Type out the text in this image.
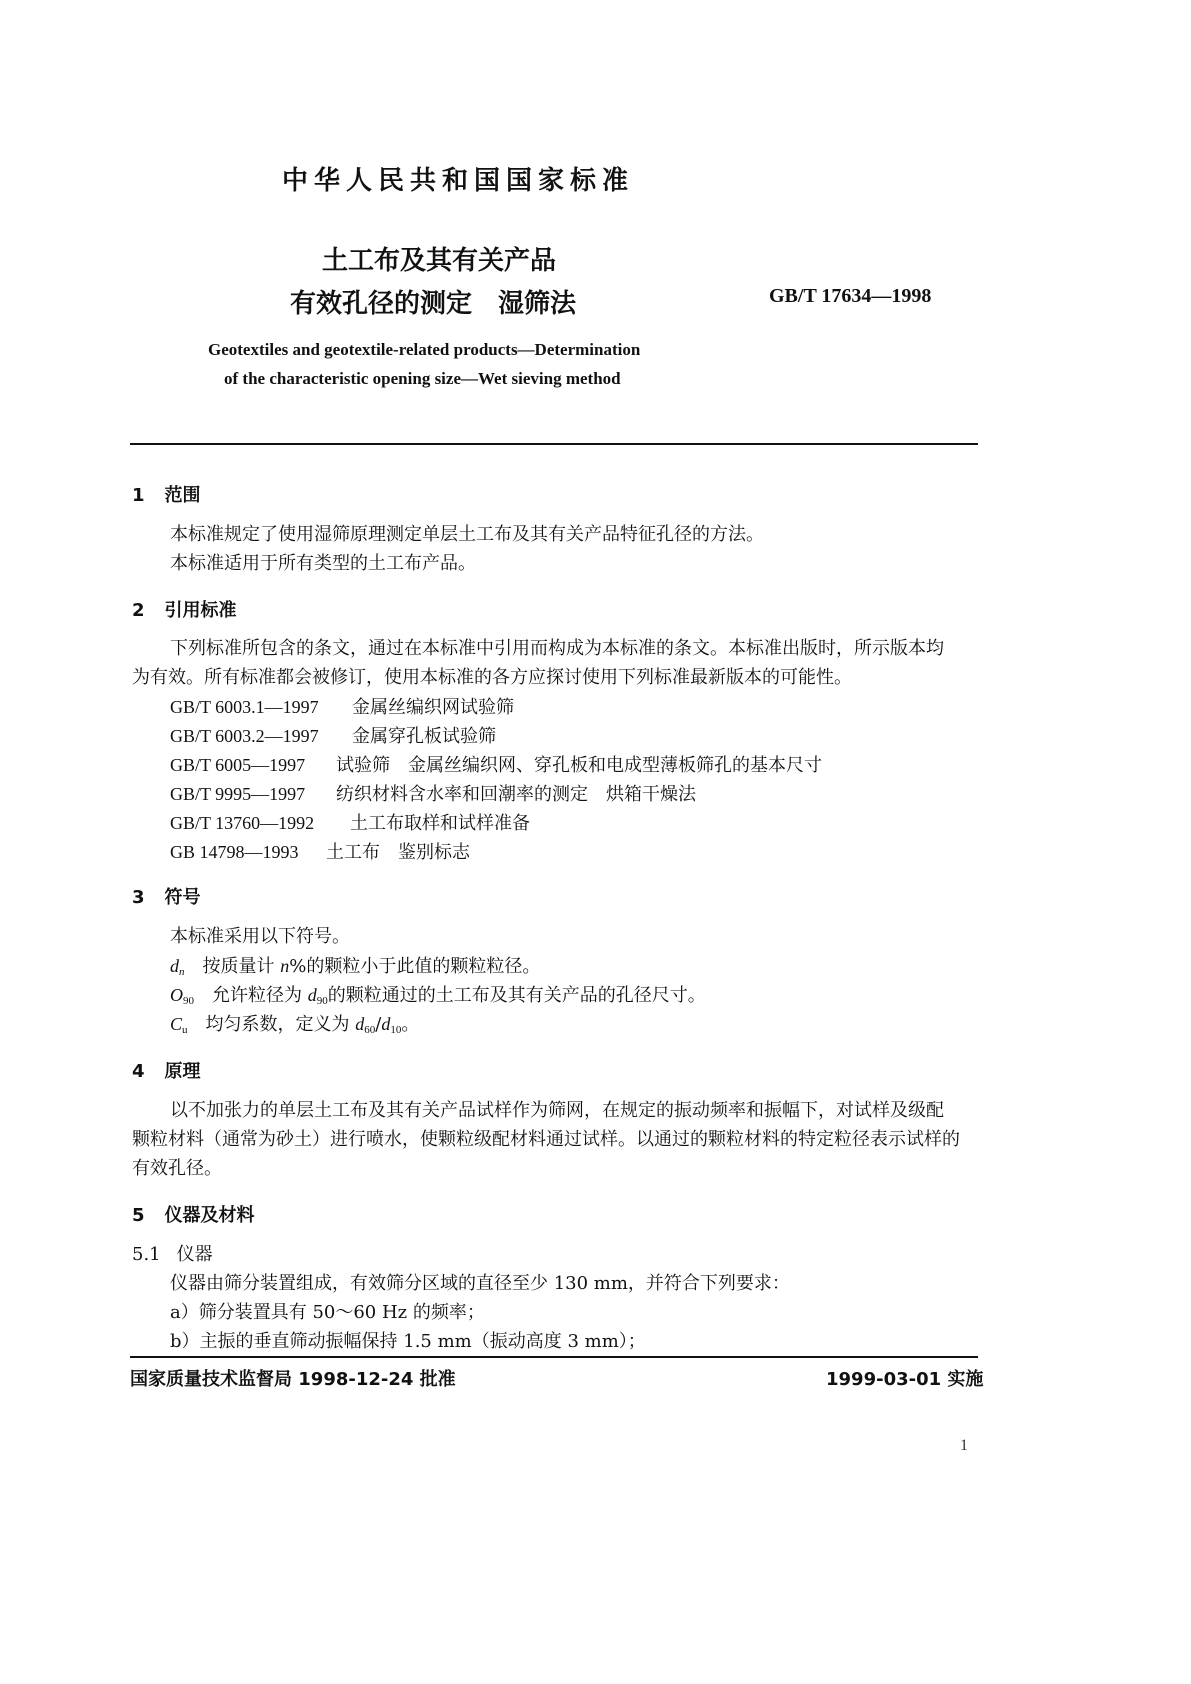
中华人民共和国国家标准
土工布及其有关产品
有效孔径的测定　湿筛法	GB/T 17634—1998
Geotextiles and geotextile-related products—Determination
of the characteristic opening size—Wet sieving method
1 范围
本标准规定了使用湿筛原理测定单层土工布及其有关产品特征孔径的方法。
本标准适用于所有类型的土工布产品。
2 引用标准
下列标准所包含的条文，通过在本标准中引用而构成为本标准的条文。本标准出版时，所示版本均
为有效。所有标准都会被修订，使用本标准的各方应探讨使用下列标准最新版本的可能性。
GB/T 6003.1—1997 金属丝编织网试验筛
GB/T 6003.2—1997 金属穿孔板试验筛
GB/T 6005—1997 试验筛　金属丝编织网、穿孔板和电成型薄板筛孔的基本尺寸
GB/T 9995—1997 纺织材料含水率和回潮率的测定　烘箱干燥法
GB/T 13760—1992 土工布取样和试样准备
GB 14798—1993 土工布　鉴别标志
3 符号
本标准采用以下符号。
$d_n$ 按质量计 n%的颗粒小于此值的颗粒粒径。
$O_{90}$ 允许粒径为 $d_{90}$的颗粒通过的土工布及其有关产品的孔径尺寸。
$C_u$ 均匀系数，定义为 $d_{60}/d_{10}$。
4 原理
以不加张力的单层土工布及其有关产品试样作为筛网，在规定的振动频率和振幅下，对试样及级配
颗粒材料（通常为砂土）进行喷水，使颗粒级配材料通过试样。以通过的颗粒材料的特定粒径表示试样的
有效孔径。
5 仪器及材料
5.1 仪器
仪器由筛分装置组成，有效筛分区域的直径至少 130 mm，并符合下列要求：
a）筛分装置具有 50～60 Hz 的频率；
b）主振的垂直筛动振幅保持 1.5 mm（振动高度 3 mm）；
国家质量技术监督局 1998-12-24 批准	1999-03-01 实施
1
